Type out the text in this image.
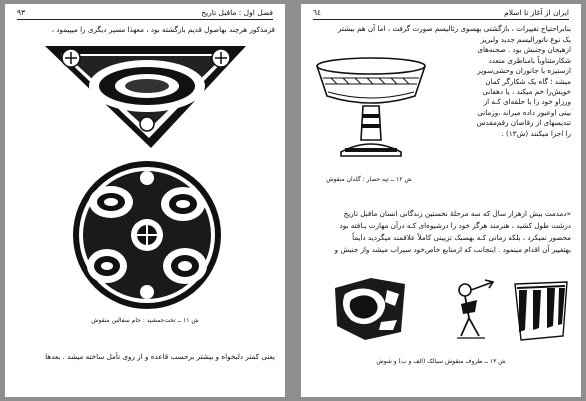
٩٣	فصل اول : ماقبل تاریخ

قزمذکور هرچند بهاصول قدیم بازگشته بود ، معهذا مسیر دیگری را میپیمود ،

ش ١١ ــ تخت‌جمشید : جام سفالین منقوش

یعنی کمتر دلبخواه و بیشتر برحسب قاعده و از روی تأمل ساخته میشد . بعدها

٦٤	ایران از آغاز تا اسلام

بنابراحتیاج تغییرات ، بازگشتی بهسوی رئالیسم صورت گرفت ، اما آن هم بیشتر

ش ١٢ ــ تپه حصار : گلدان منقوش

یک نوع ناتورالیسم جدید ولبریز

ازهیجان وجنبش بود . صحنه‌های

شکارمتناوباً بامناظری متعدد

ازستیزه با جانوران وحشی‌سوپر

میشد ؛ گاه یک شکارگر کمان

خویش‌را خم میکند ، یا دهقانی

ورزاو خود را با حلقه‌ای کـه از

بینی اوعبور داده میراند ،وزمانی

تندیسهای از رقاصان رقم‌مقدس

را اجرا میکنند (ش١٣) .

«دمدمت بیش ازهزار سال که سه مرحلهٔ نخستین زندگانی انسان ماقبل تاریخ

درشت طول کشید ، هنرمند هرگز خود را درشیوه‌ای کـه درآن مهارت یـافته بود

محصور نمیکرد ، بلکه زمانی کـه بهسبک تزیینی کاملاً علاقمند میگردید دایماً

بهتغییر آن اقدام مینمود . اینجانب که ازمنابع خاص‌خود سیراب میشد واز جنبش و

ش ١٣ ــ ظروف منقوش سیالک (الف و ب) و شوش
